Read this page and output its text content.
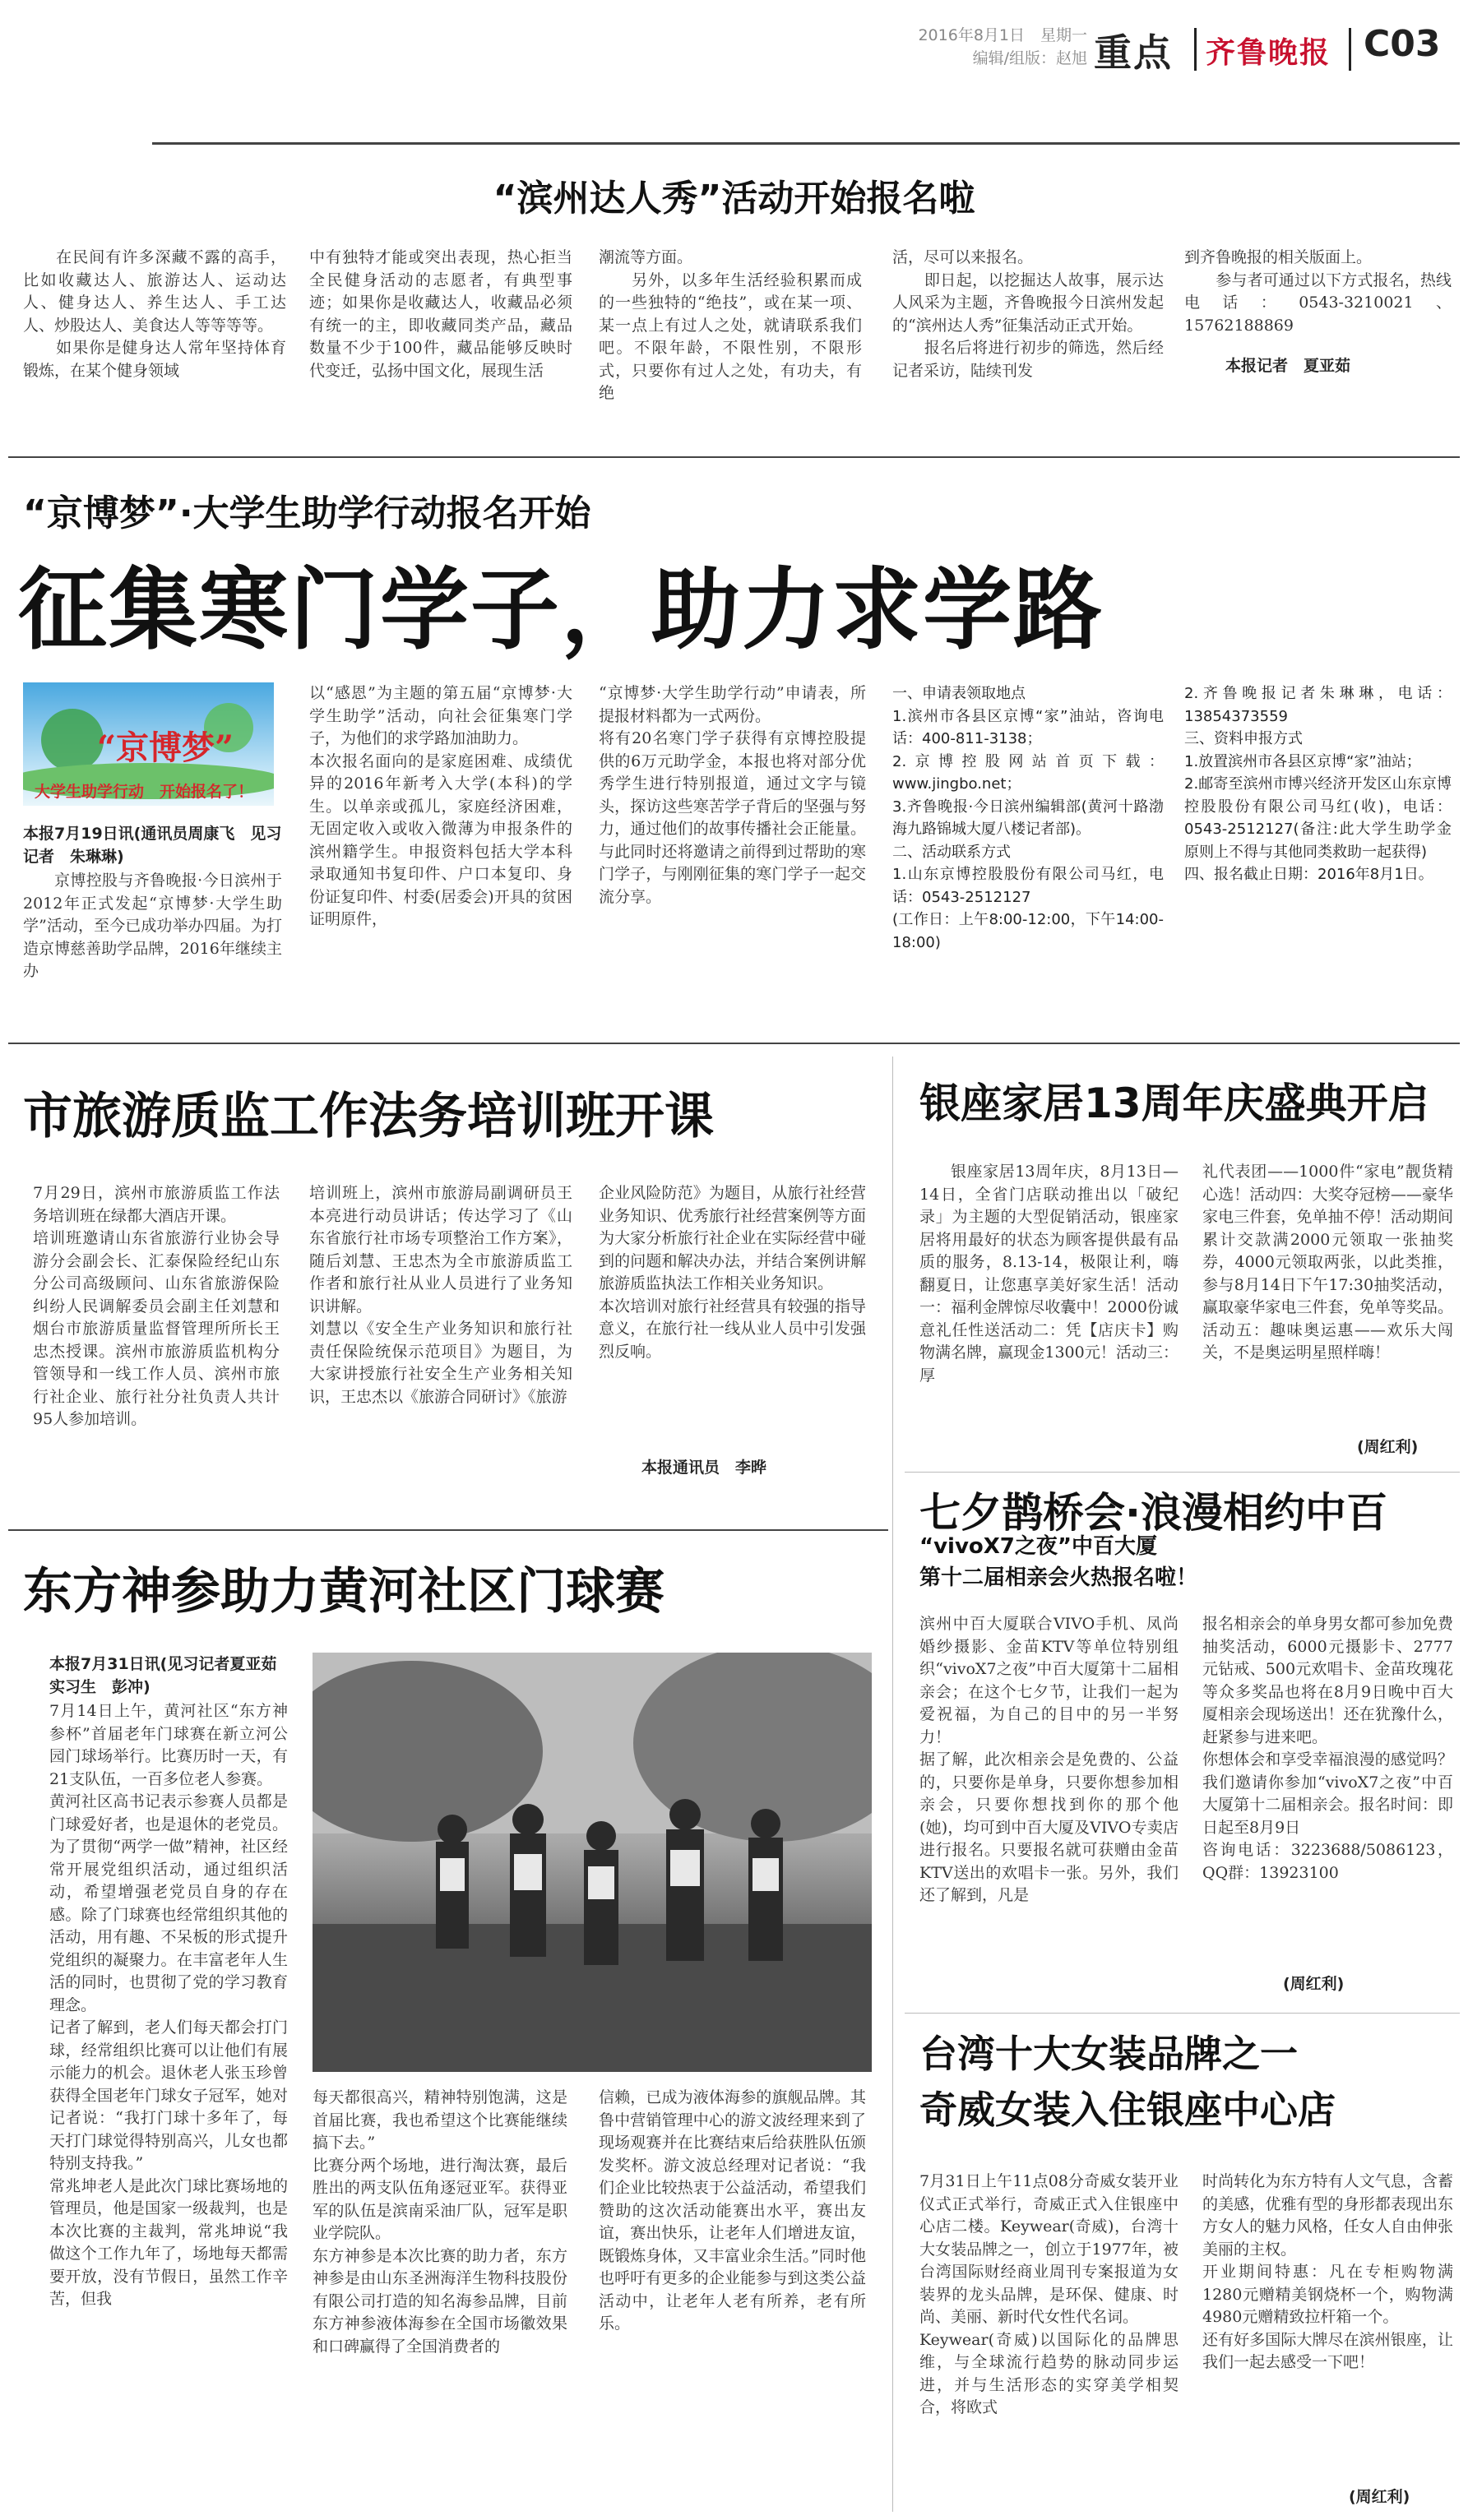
2016年8月1日　星期一
编辑/组版：赵旭 重点 齐鲁晚报 C03
“滨州达人秀”活动开始报名啦
　　在民间有许多深藏不露的高手，比如收藏达人、旅游达人、运动达人、健身达人、养生达人、手工达人、炒股达人、美食达人等等等等。
　　如果你是健身达人常年坚持体育锻炼，在某个健身领域
中有独特才能或突出表现，热心拒当全民健身活动的志愿者，有典型事迹；如果你是收藏达人，收藏品必须有统一的主，即收藏同类产品，藏品数量不少于100件，藏品能够反映时代变迁，弘扬中国文化，展现生活
潮流等方面。
　　另外，以多年生活经验积累而成的一些独特的“绝技”，或在某一项、某一点上有过人之处，就请联系我们吧。不限年龄，不限性别，不限形式，只要你有过人之处，有功夫，有绝
活，尽可以来报名。
　　即日起，以挖掘达人故事，展示达人风采为主题，齐鲁晚报今日滨州发起的“滨州达人秀”征集活动正式开始。
　　报名后将进行初步的筛选，然后经记者采访，陆续刊发
到齐鲁晚报的相关版面上。
　　参与者可通过以下方式报名，热线电话：0543-3210021、15762188869
本报记者　夏亚茹
“京博梦”·大学生助学行动报名开始
征集寒门学子，助力求学路
“京博梦”
大学生助学行动　开始报名了！
本报7月19日讯(通讯员周康飞　见习记者　朱琳琳)
京博控股与齐鲁晚报·今日滨州于2012年正式发起“京博梦·大学生助学”活动，至今已成功举办四届。为打造京博慈善助学品牌，2016年继续主办
以“感恩”为主题的第五届“京博梦·大学生助学”活动，向社会征集寒门学子，为他们的求学路加油助力。
本次报名面向的是家庭困难、成绩优异的2016年新考入大学(本科)的学生。以单亲或孤儿，家庭经济困难，无固定收入或收入微薄为申报条件的滨州籍学生。申报资料包括大学本科录取通知书复印件、户口本复印、身份证复印件、村委(居委会)开具的贫困证明原件，
“京博梦·大学生助学行动”申请表，所提报材料都为一式两份。
将有20名寒门学子获得有京博控股提供的6万元助学金，本报也将对部分优秀学生进行特别报道，通过文字与镜头，探访这些寒苦学子背后的坚强与努力，通过他们的故事传播社会正能量。与此同时还将邀请之前得到过帮助的寒门学子，与刚刚征集的寒门学子一起交流分享。
一、申请表领取地点
1.滨州市各县区京博“家”油站，咨询电话：400-811-3138；
2.京博控股网站首页下载：www.jingbo.net；
3.齐鲁晚报·今日滨州编辑部(黄河十路渤海九路锦城大厦八楼记者部)。
二、活动联系方式
1.山东京博控股股份有限公司马红，电话：0543-2512127
(工作日：上午8:00-12:00，下午14:00-18:00)
2.齐鲁晚报记者朱琳琳，电话：13854373559
三、资料申报方式
1.放置滨州市各县区京博“家”油站；
2.邮寄至滨州市博兴经济开发区山东京博控股股份有限公司马红(收)，电话：0543-2512127(备注:此大学生助学金原则上不得与其他同类救助一起获得)
四、报名截止日期：2016年8月1日。
市旅游质监工作法务培训班开课
7月29日，滨州市旅游质监工作法务培训班在绿都大酒店开课。
培训班邀请山东省旅游行业协会导游分会副会长、汇泰保险经纪山东分公司高级顾问、山东省旅游保险纠纷人民调解委员会副主任刘慧和烟台市旅游质量监督管理所所长王忠杰授课。滨州市旅游质监机构分管领导和一线工作人员、滨州市旅行社企业、旅行社分社负责人共计95人参加培训。
培训班上，滨州市旅游局副调研员王本亮进行动员讲话；传达学习了《山东省旅行社市场专项整治工作方案》，随后刘慧、王忠杰为全市旅游质监工作者和旅行社从业人员进行了业务知识讲解。
刘慧以《安全生产业务知识和旅行社责任保险统保示范项目》为题目，为大家讲授旅行社安全生产业务相关知识，王忠杰以《旅游合同研讨》《旅游
企业风险防范》为题目，从旅行社经营业务知识、优秀旅行社经营案例等方面为大家分析旅行社企业在实际经营中碰到的问题和解决办法，并结合案例讲解旅游质监执法工作相关业务知识。
本次培训对旅行社经营具有较强的指导意义，在旅行社一线从业人员中引发强烈反响。
本报通讯员　李晔
银座家居13周年庆盛典开启
银座家居13周年庆，8月13日—14日，全省门店联动推出以「破纪录」为主题的大型促销活动，银座家居将用最好的状态为顾客提供最有品质的服务，8.13-14，极限让利，嗨翻夏日，让您惠享美好家生活！活动一：福利金牌惊尽收囊中！2000份诚意礼任性送活动二：凭【店庆卡】购物满名牌，赢现金1300元！活动三：厚
礼代表团——1000件“家电”靓货精心选！活动四：大奖夺冠榜——豪华家电三件套，免单抽不停！活动期间累计交款满2000元领取一张抽奖券，4000元领取两张，以此类推，参与8月14日下午17:30抽奖活动，赢取豪华家电三件套，免单等奖品。活动五：趣味奥运惠——欢乐大闯关，不是奥运明星照样嗨！
(周红利)
七夕鹊桥会·浪漫相约中百
“vivoX7之夜”中百大厦
第十二届相亲会火热报名啦！
滨州中百大厦联合VIVO手机、凤尚婚纱摄影、金苗KTV等单位特别组织“vivoX7之夜”中百大厦第十二届相亲会；在这个七夕节，让我们一起为爱祝福，为自己的目中的另一半努力！
据了解，此次相亲会是免费的、公益的，只要你是单身，只要你想参加相亲会，只要你想找到你的那个他(她)，均可到中百大厦及VIVO专卖店进行报名。只要报名就可获赠由金苗KTV送出的欢唱卡一张。另外，我们还了解到，凡是
报名相亲会的单身男女都可参加免费抽奖活动，6000元摄影卡、2777元钻戒、500元欢唱卡、金苗玫瑰花等众多奖品也将在8月9日晚中百大厦相亲会现场送出！还在犹豫什么，赶紧参与进来吧。
你想体会和享受幸福浪漫的感觉吗？我们邀请你参加“vivoX7之夜”中百大厦第十二届相亲会。报名时间：即日起至8月9日
咨询电话：3223688/5086123，QQ群：13923100
(周红利)
东方神参助力黄河社区门球赛
本报7月31日讯(见习记者夏亚茹　实习生　彭冲)
7月14日上午，黄河社区“东方神参杯”首届老年门球赛在新立河公园门球场举行。比赛历时一天，有21支队伍，一百多位老人参赛。
黄河社区高书记表示参赛人员都是门球爱好者，也是退休的老党员。为了贯彻“两学一做”精神，社区经常开展党组织活动，通过组织活动，希望增强老党员自身的存在感。除了门球赛也经常组织其他的活动，用有趣、不呆板的形式提升党组织的凝聚力。在丰富老年人生活的同时，也贯彻了党的学习教育理念。
记者了解到，老人们每天都会打门球，经常组织比赛可以让他们有展示能力的机会。退休老人张玉珍曾获得全国老年门球女子冠军，她对记者说：“我打门球十多年了，每天打门球觉得特别高兴，儿女也都特别支持我。”
常兆坤老人是此次门球比赛场地的管理员，他是国家一级裁判，也是本次比赛的主裁判，常兆坤说“我做这个工作九年了，场地每天都需要开放，没有节假日，虽然工作辛苦，但我
每天都很高兴，精神特别饱满，这是首届比赛，我也希望这个比赛能继续搞下去。”
比赛分两个场地，进行淘汰赛，最后胜出的两支队伍角逐冠亚军。获得亚军的队伍是滨南采油厂队，冠军是职业学院队。
东方神参是本次比赛的助力者，东方神参是由山东圣洲海洋生物科技股份有限公司打造的知名海参品牌，目前东方神参液体海参在全国市场徽效果和口碑赢得了全国消费者的
信赖，已成为液体海参的旗舰品牌。其鲁中营销管理中心的游文波经理来到了现场观赛并在比赛结束后给获胜队伍颁发奖杯。游文波总经理对记者说：“我们企业比较热衷于公益活动，希望我们赞助的这次活动能赛出水平，赛出友谊，赛出快乐，让老年人们增进友谊，既锻炼身体，又丰富业余生活。”同时他也呼吁有更多的企业能参与到这类公益活动中，让老年人老有所养，老有所乐。
台湾十大女装品牌之一
奇威女装入住银座中心店
7月31日上午11点08分奇威女装开业仪式正式举行，奇威正式入住银座中心店二楼。Keywear(奇威)，台湾十大女装品牌之一，创立于1977年，被台湾国际财经商业周刊专案报道为女装界的龙头品牌，是环保、健康、时尚、美丽、新时代女性代名词。
Keywear(奇威)以国际化的品牌思维，与全球流行趋势的脉动同步运进，并与生活形态的实穿美学相契合，将欧式
时尚转化为东方特有人文气息，含蓄的美感，优雅有型的身形都表现出东方女人的魅力风格，任女人自由伸张美丽的主权。
开业期间特惠：凡在专柜购物满1280元赠精美钢烧杯一个，购物满4980元赠精致拉杆箱一个。
还有好多国际大牌尽在滨州银座，让我们一起去感受一下吧！
(周红利)
